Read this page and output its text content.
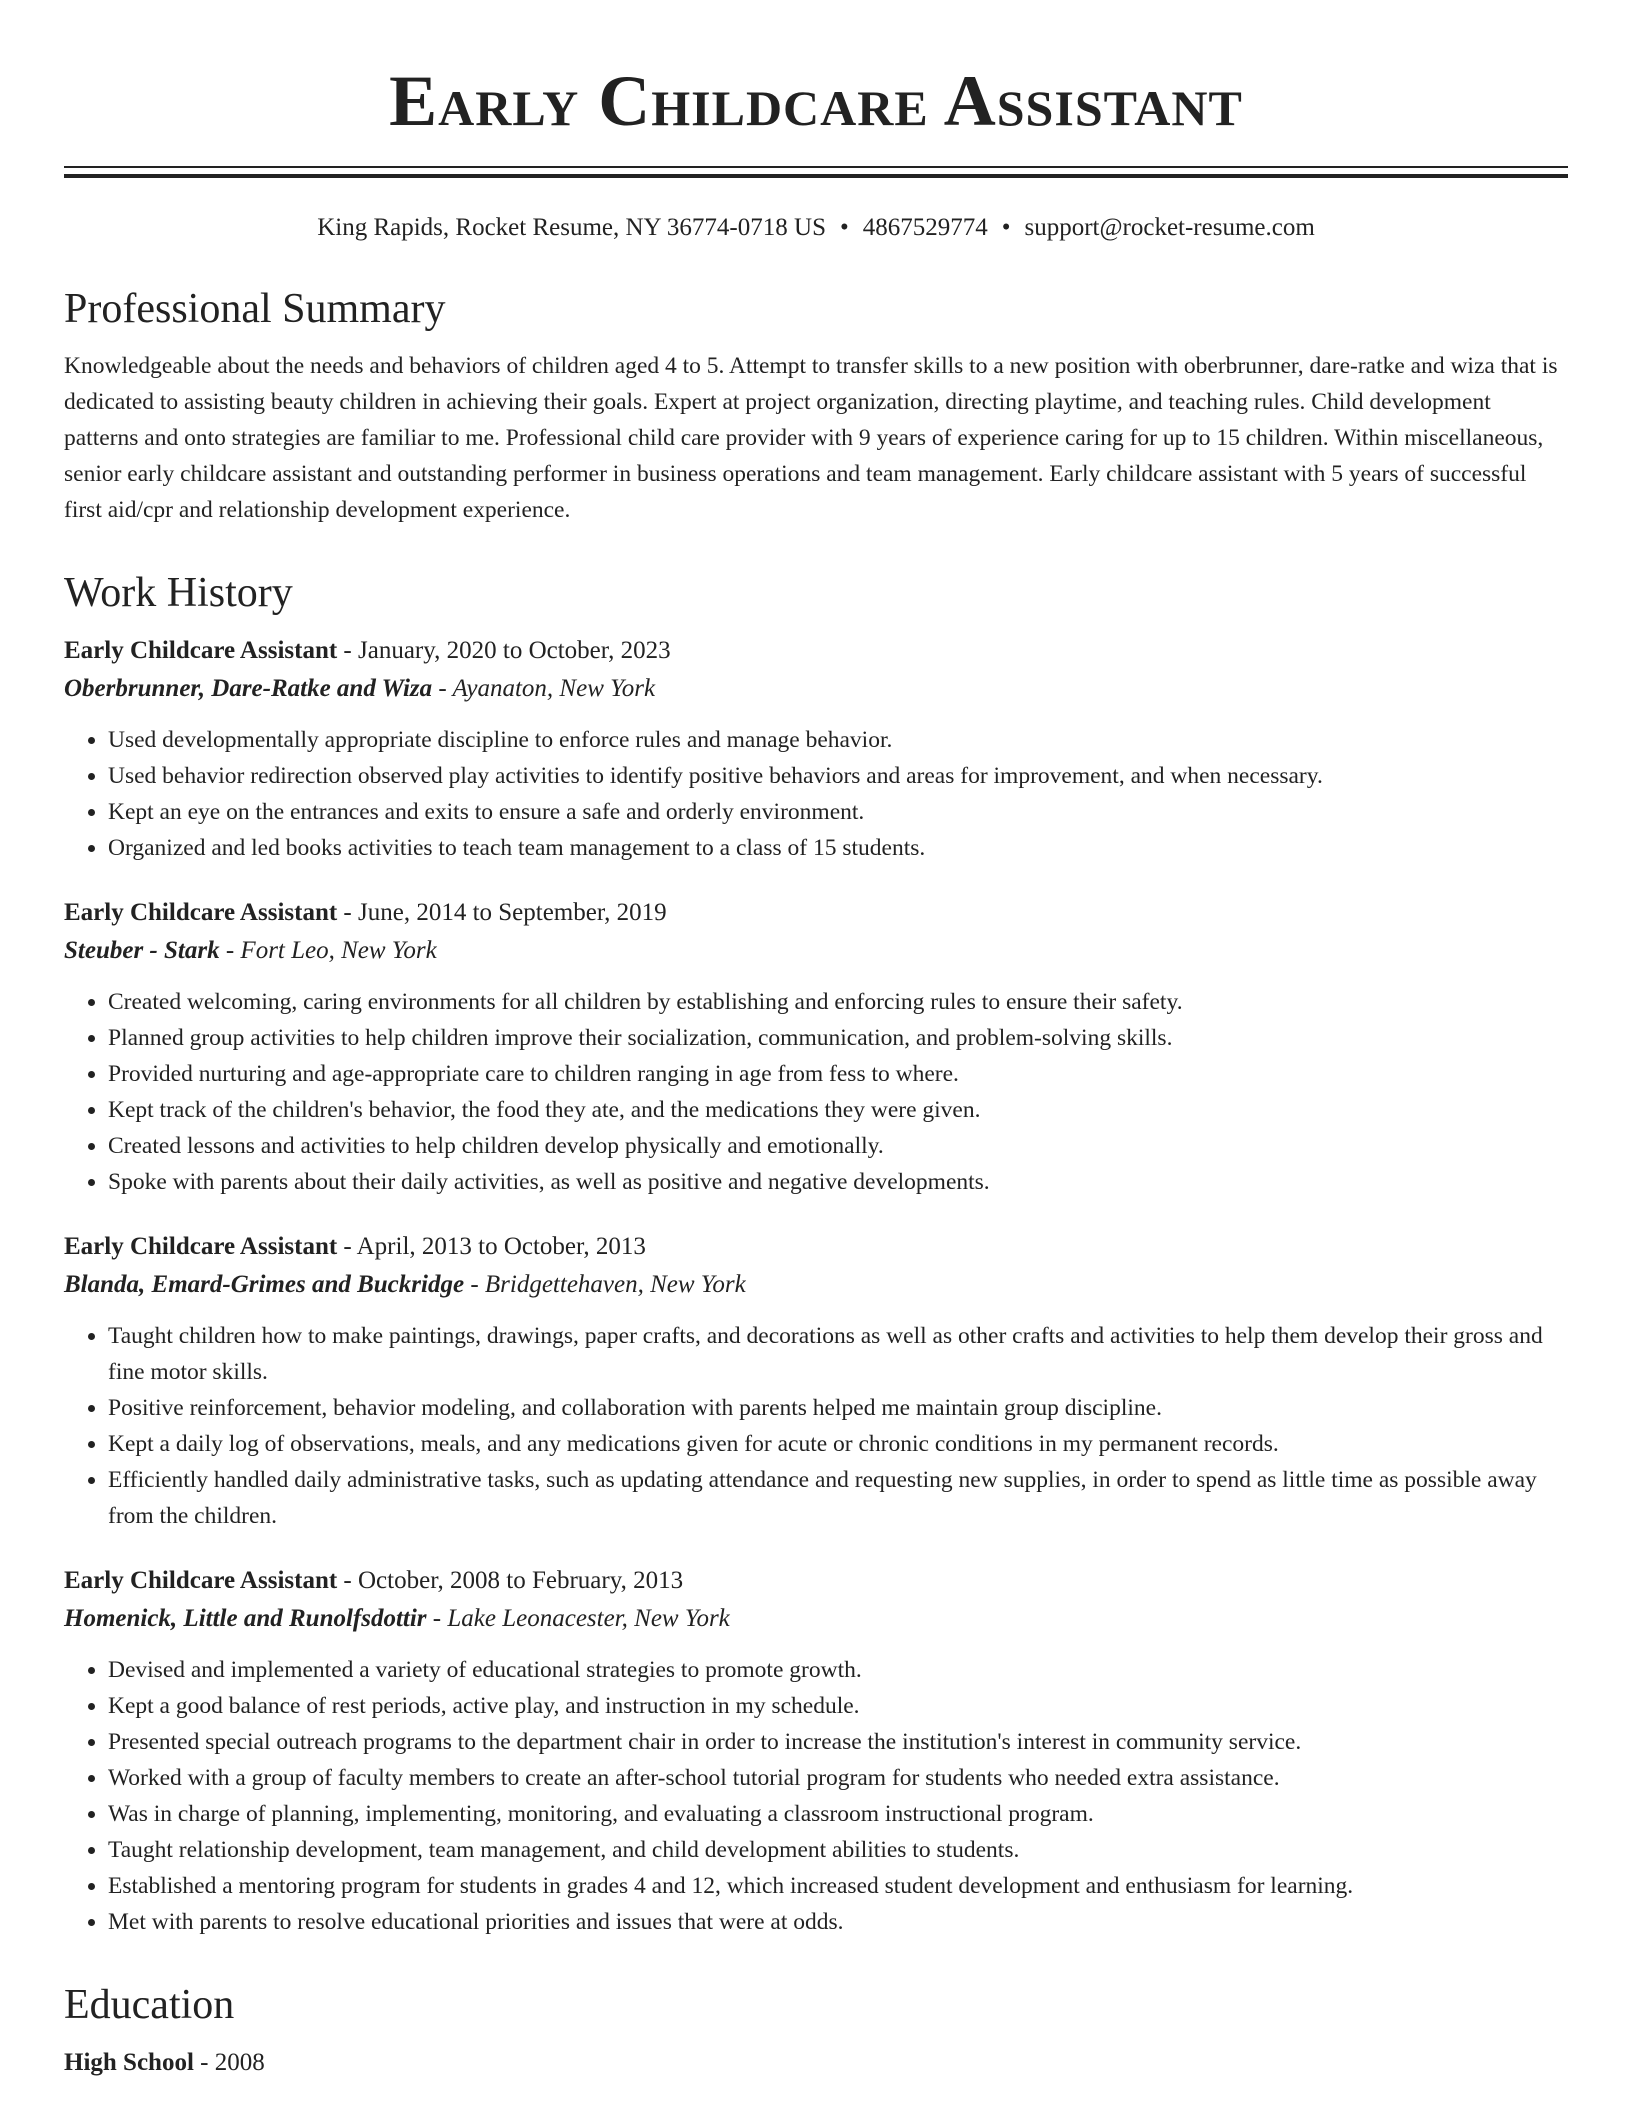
Early Childcare Assistant
King Rapids, Rocket Resume, NY 36774-0718 US • 4867529774 • support@rocket-resume.com
Professional Summary

Knowledgeable about the needs and behaviors of children aged 4 to 5. Attempt to transfer skills to a new position with oberbrunner, dare-ratke and wiza that is dedicated to assisting beauty children in achieving their goals. Expert at project organization, directing playtime, and teaching rules. Child development patterns and onto strategies are familiar to me. Professional child care provider with 9 years of experience caring for up to 15 children. Within miscellaneous, senior early childcare assistant and outstanding performer in business operations and team management. Early childcare assistant with 5 years of successful first aid/cpr and relationship development experience.

Work History
Early Childcare Assistant - January, 2020 to October, 2023
Oberbrunner, Dare-Ratke and Wiza - Ayanaton, New York
• Used developmentally appropriate discipline to enforce rules and manage behavior.
• Used behavior redirection observed play activities to identify positive behaviors and areas for improvement, and when necessary.
• Kept an eye on the entrances and exits to ensure a safe and orderly environment.
• Organized and led books activities to teach team management to a class of 15 students.
Early Childcare Assistant - June, 2014 to September, 2019
Steuber - Stark - Fort Leo, New York
• Created welcoming, caring environments for all children by establishing and enforcing rules to ensure their safety.
• Planned group activities to help children improve their socialization, communication, and problem-solving skills.
• Provided nurturing and age-appropriate care to children ranging in age from fess to where.
• Kept track of the children's behavior, the food they ate, and the medications they were given.
• Created lessons and activities to help children develop physically and emotionally.
• Spoke with parents about their daily activities, as well as positive and negative developments.
Early Childcare Assistant - April, 2013 to October, 2013
Blanda, Emard-Grimes and Buckridge - Bridgettehaven, New York
• Taught children how to make paintings, drawings, paper crafts, and decorations as well as other crafts and activities to help them develop their gross and fine motor skills.
• Positive reinforcement, behavior modeling, and collaboration with parents helped me maintain group discipline.
• Kept a daily log of observations, meals, and any medications given for acute or chronic conditions in my permanent records.
• Efficiently handled daily administrative tasks, such as updating attendance and requesting new supplies, in order to spend as little time as possible away from the children.
Early Childcare Assistant - October, 2008 to February, 2013
Homenick, Little and Runolfsdottir - Lake Leonacester, New York
• Devised and implemented a variety of educational strategies to promote growth.
• Kept a good balance of rest periods, active play, and instruction in my schedule.
• Presented special outreach programs to the department chair in order to increase the institution's interest in community service.
• Worked with a group of faculty members to create an after-school tutorial program for students who needed extra assistance.
• Was in charge of planning, implementing, monitoring, and evaluating a classroom instructional program.
• Taught relationship development, team management, and child development abilities to students.
• Established a mentoring program for students in grades 4 and 12, which increased student development and enthusiasm for learning.
• Met with parents to resolve educational priorities and issues that were at odds.
Education
High School - 2008
